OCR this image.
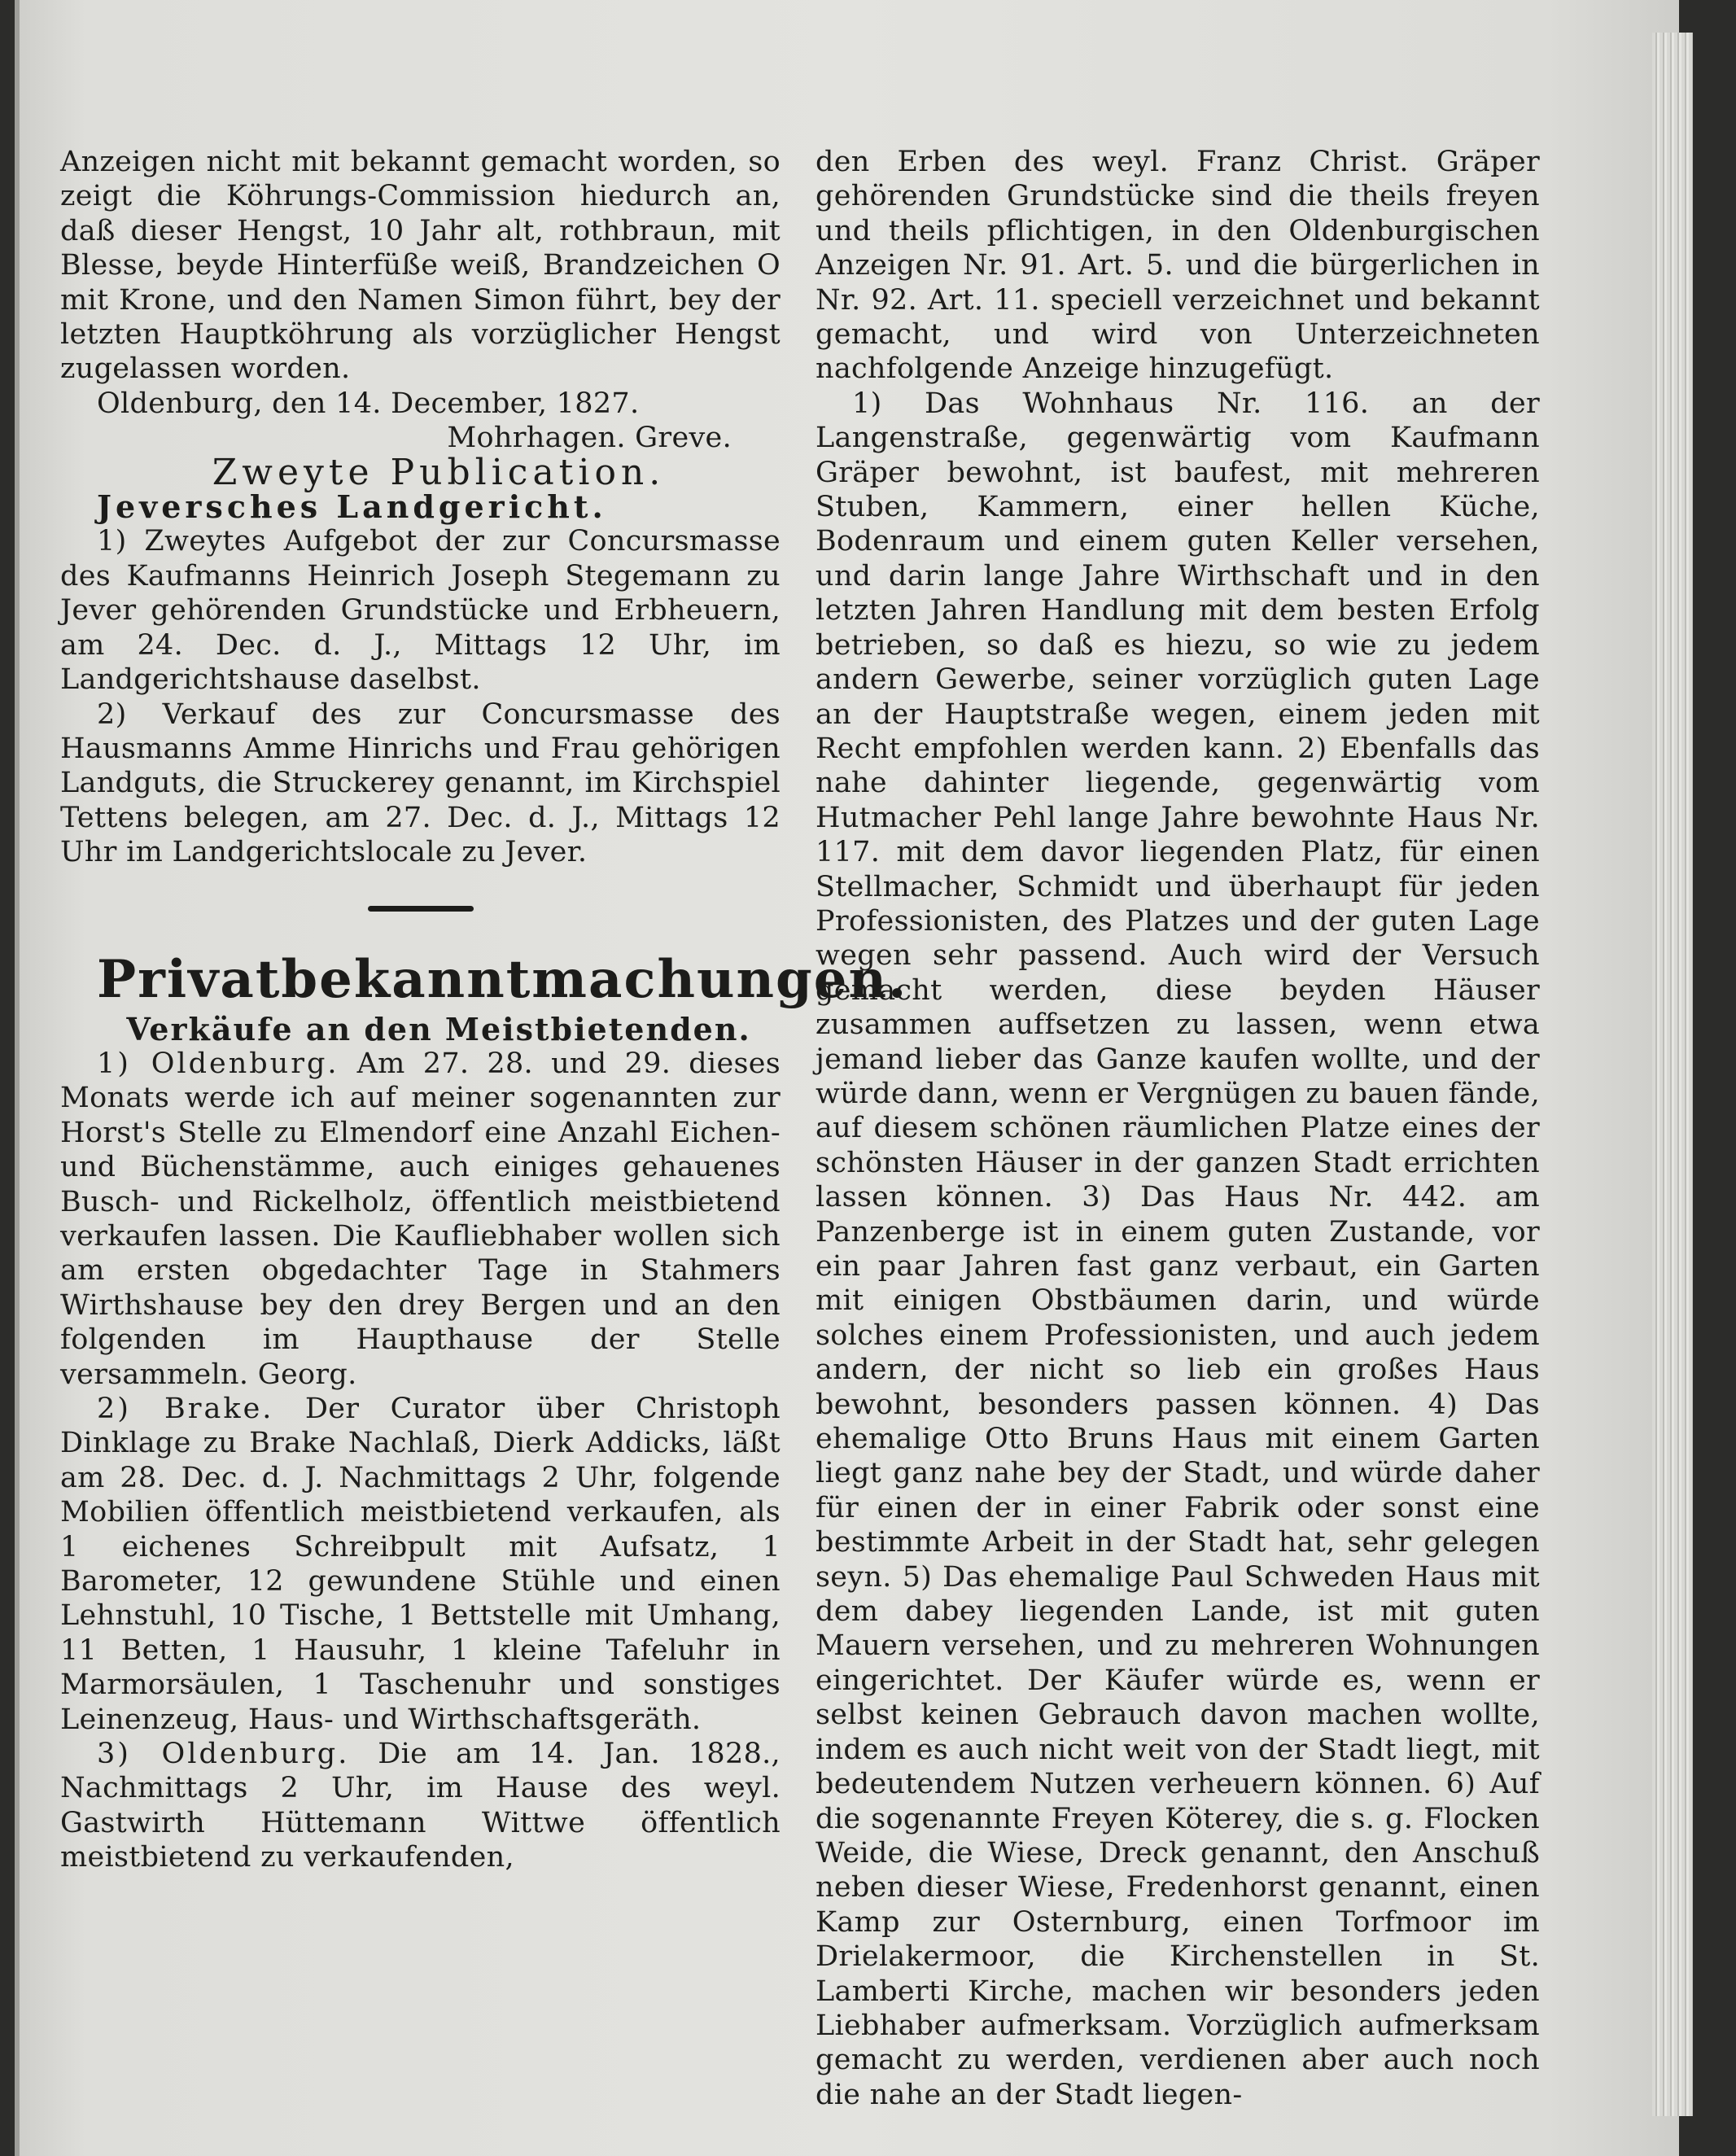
Anzeigen nicht mit bekannt gemacht worden, so zeigt die Köhrungs-Commission hiedurch an, daß dieser Hengst, 10 Jahr alt, rothbraun, mit Blesse, beyde Hinterfüße weiß, Brandzeichen O mit Krone, und den Namen Simon führt, bey der letzten Hauptköhrung als vorzüglicher Hengst zugelassen worden.

Oldenburg, den 14. December, 1827.

Mohrhagen. Greve.

Zweyte Publication.

Jeversches Landgericht.

1) Zweytes Aufgebot der zur Concursmasse des Kaufmanns Heinrich Joseph Stegemann zu Jever gehörenden Grundstücke und Erbheuern, am 24. Dec. d. J., Mittags 12 Uhr, im Landgerichtshause daselbst.

2) Verkauf des zur Concursmasse des Hausmanns Amme Hinrichs und Frau gehörigen Landguts, die Struckerey genannt, im Kirchspiel Tettens belegen, am 27. Dec. d. J., Mittags 12 Uhr im Landgerichtslocale zu Jever.

Privatbekanntmachungen.

Verkäufe an den Meistbietenden.

1) Oldenburg. Am 27. 28. und 29. dieses Monats werde ich auf meiner sogenannten zur Horst's Stelle zu Elmendorf eine Anzahl Eichen- und Büchenstämme, auch einiges gehauenes Busch- und Rickelholz, öffentlich meistbietend verkaufen lassen. Die Kaufliebhaber wollen sich am ersten obgedachter Tage in Stahmers Wirthshause bey den drey Bergen und an den folgenden im Haupthause der Stelle versammeln. Georg.

2) Brake. Der Curator über Christoph Dinklage zu Brake Nachlaß, Dierk Addicks, läßt am 28. Dec. d. J. Nachmittags 2 Uhr, folgende Mobilien öffentlich meistbietend verkaufen, als 1 eichenes Schreibpult mit Aufsatz, 1 Barometer, 12 gewundene Stühle und einen Lehnstuhl, 10 Tische, 1 Bettstelle mit Umhang, 11 Betten, 1 Hausuhr, 1 kleine Tafeluhr in Marmorsäulen, 1 Taschenuhr und sonstiges Leinenzeug, Haus- und Wirthschaftsgeräth.

3) Oldenburg. Die am 14. Jan. 1828., Nachmittags 2 Uhr, im Hause des weyl. Gastwirth Hüttemann Wittwe öffentlich meistbietend zu verkaufenden,

den Erben des weyl. Franz Christ. Gräper gehörenden Grundstücke sind die theils freyen und theils pflichtigen, in den Oldenburgischen Anzeigen Nr. 91. Art. 5. und die bürgerlichen in Nr. 92. Art. 11. speciell verzeichnet und bekannt gemacht, und wird von Unterzeichneten nachfolgende Anzeige hinzugefügt.

1) Das Wohnhaus Nr. 116. an der Langenstraße, gegenwärtig vom Kaufmann Gräper bewohnt, ist baufest, mit mehreren Stuben, Kammern, einer hellen Küche, Bodenraum und einem guten Keller versehen, und darin lange Jahre Wirthschaft und in den letzten Jahren Handlung mit dem besten Erfolg betrieben, so daß es hiezu, so wie zu jedem andern Gewerbe, seiner vorzüglich guten Lage an der Hauptstraße wegen, einem jeden mit Recht empfohlen werden kann. 2) Ebenfalls das nahe dahinter liegende, gegenwärtig vom Hutmacher Pehl lange Jahre bewohnte Haus Nr. 117. mit dem davor liegenden Platz, für einen Stellmacher, Schmidt und überhaupt für jeden Professionisten, des Platzes und der guten Lage wegen sehr passend. Auch wird der Versuch gemacht werden, diese beyden Häuser zusammen auffsetzen zu lassen, wenn etwa jemand lieber das Ganze kaufen wollte, und der würde dann, wenn er Vergnügen zu bauen fände, auf diesem schönen räumlichen Platze eines der schönsten Häuser in der ganzen Stadt errichten lassen können. 3) Das Haus Nr. 442. am Panzenberge ist in einem guten Zustande, vor ein paar Jahren fast ganz verbaut, ein Garten mit einigen Obstbäumen darin, und würde solches einem Professionisten, und auch jedem andern, der nicht so lieb ein großes Haus bewohnt, besonders passen können. 4) Das ehemalige Otto Bruns Haus mit einem Garten liegt ganz nahe bey der Stadt, und würde daher für einen der in einer Fabrik oder sonst eine bestimmte Arbeit in der Stadt hat, sehr gelegen seyn. 5) Das ehemalige Paul Schweden Haus mit dem dabey liegenden Lande, ist mit guten Mauern versehen, und zu mehreren Wohnungen eingerichtet. Der Käufer würde es, wenn er selbst keinen Gebrauch davon machen wollte, indem es auch nicht weit von der Stadt liegt, mit bedeutendem Nutzen verheuern können. 6) Auf die sogenannte Freyen Köterey, die s. g. Flocken Weide, die Wiese, Dreck genannt, den Anschuß neben dieser Wiese, Fredenhorst genannt, einen Kamp zur Osternburg, einen Torfmoor im Drielakermoor, die Kirchenstellen in St. Lamberti Kirche, machen wir besonders jeden Liebhaber aufmerksam. Vorzüglich aufmerksam gemacht zu werden, verdienen aber auch noch die nahe an der Stadt liegen-
